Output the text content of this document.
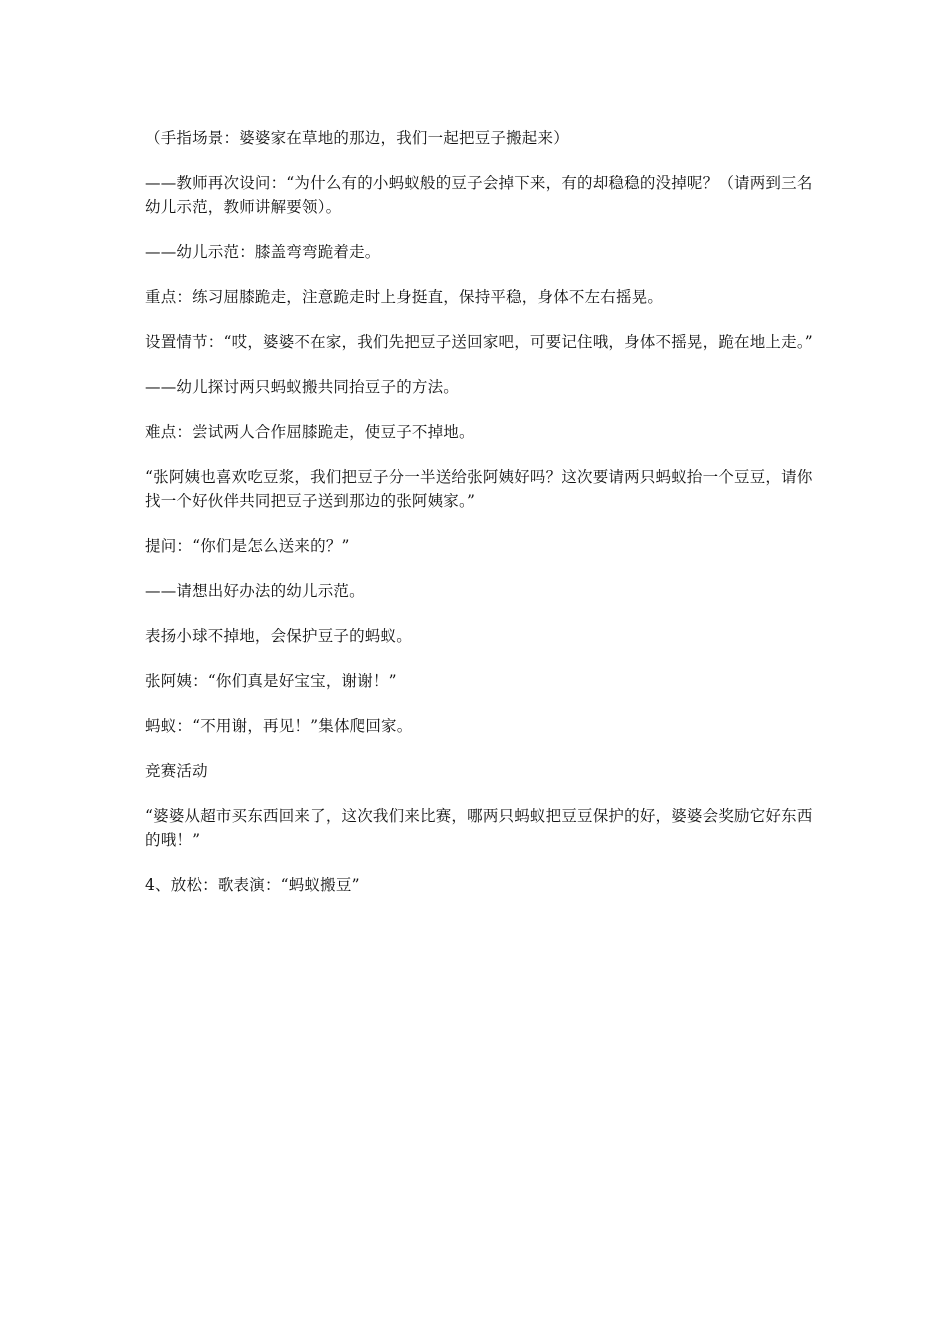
（手指场景：婆婆家在草地的那边，我们一起把豆子搬起来）

——教师再次设问：“为什么有的小蚂蚁般的豆子会掉下来，有的却稳稳的没掉呢？（请两到三名幼儿示范，教师讲解要领）。

——幼儿示范：膝盖弯弯跪着走。

重点：练习屈膝跪走，注意跪走时上身挺直，保持平稳，身体不左右摇晃。

设置情节：“哎，婆婆不在家，我们先把豆子送回家吧，可要记住哦，身体不摇晃，跪在地上走。”

——幼儿探讨两只蚂蚁搬共同抬豆子的方法。

难点：尝试两人合作屈膝跪走，使豆子不掉地。

“张阿姨也喜欢吃豆浆，我们把豆子分一半送给张阿姨好吗？这次要请两只蚂蚁抬一个豆豆，请你找一个好伙伴共同把豆子送到那边的张阿姨家。”

提问：“你们是怎么送来的？”

——请想出好办法的幼儿示范。

表扬小球不掉地，会保护豆子的蚂蚁。

张阿姨：“你们真是好宝宝，谢谢！”

蚂蚁：“不用谢，再见！”集体爬回家。

竞赛活动

“婆婆从超市买东西回来了，这次我们来比赛，哪两只蚂蚁把豆豆保护的好，婆婆会奖励它好东西的哦！”

4、放松：歌表演：“蚂蚁搬豆”
